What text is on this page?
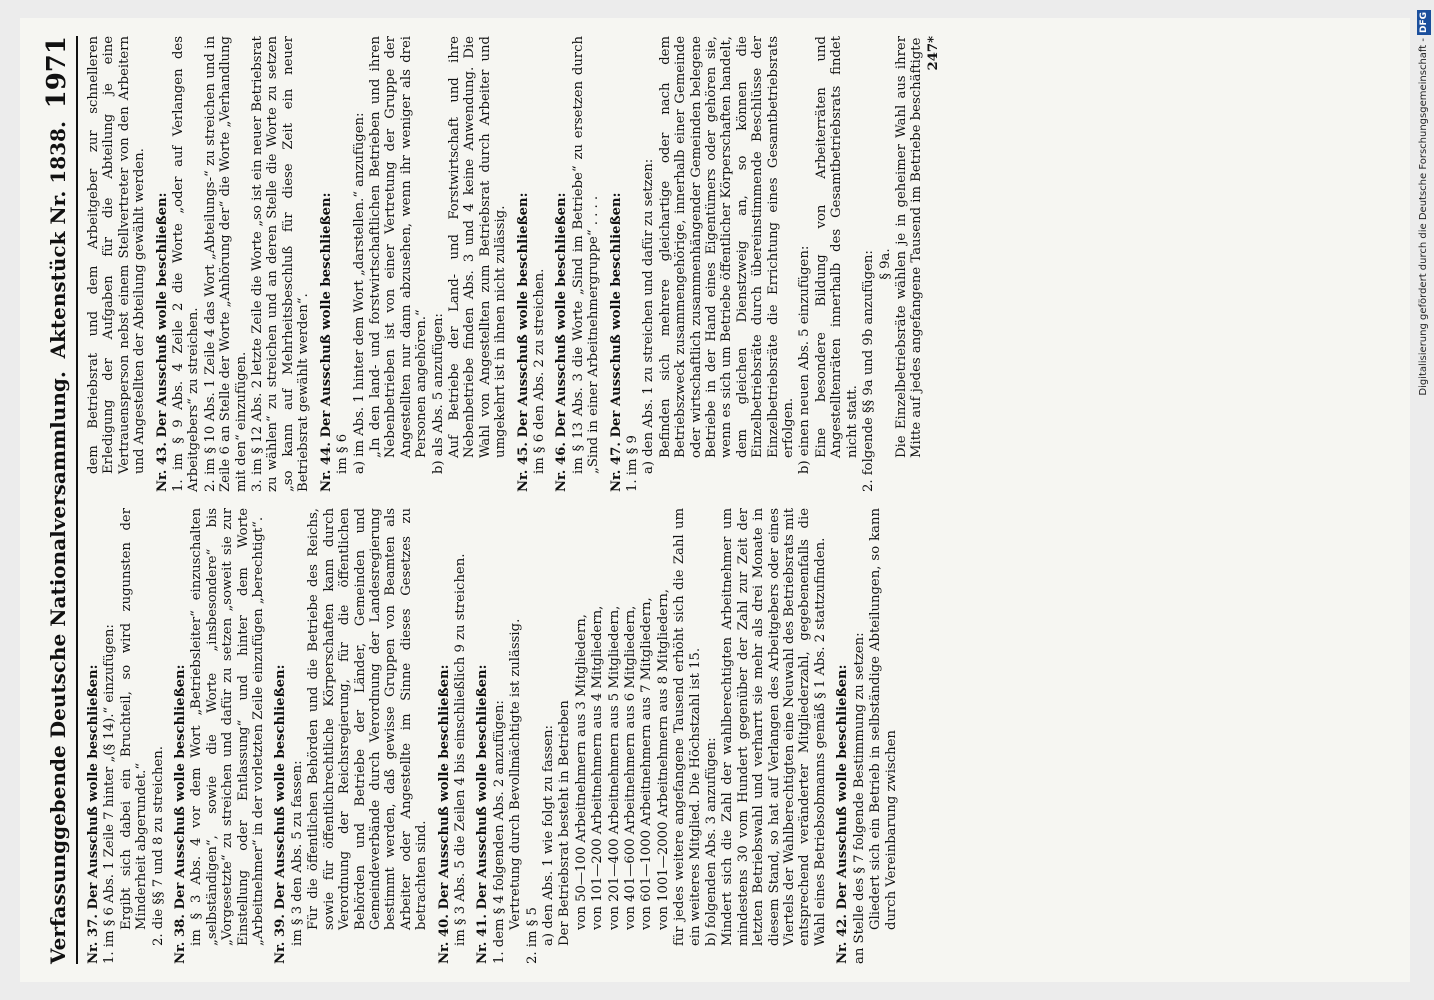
Verfassunggebende Deutsche Nationalversammlung.
Aktenstück Nr. 1838.
1971

Nr. 37. Der Ausschuß wolle beschließen: 1. im § 6 Abs. 1 Zeile 7 hinter „(§ 14).“ einzufügen: Ergibt sich dabei ein Bruchteil, so wird zugunsten der Minderheit abgerundet.“ 2. die §§ 7 und 8 zu streichen. Nr. 38. Der Ausschuß wolle beschließen: im § 3 Abs. 4 vor dem Wort „Betriebsleiter“ einzuschalten „selbständigen“, sowie die Worte „insbesondere“ bis „Vorgesetzte“ zu streichen und dafür zu setzen „soweit sie zur Einstellung oder Entlassung“ und hinter dem Worte „Arbeitnehmer“ in der vorletzten Zeile einzufügen „berechtigt“. Nr. 39. Der Ausschuß wolle beschließen: im § 3 den Abs. 5 zu fassen: Für die öffentlichen Behörden und die Betriebe des Reichs, sowie für öffentlichrechtliche Körperschaften kann durch Verordnung der Reichsregierung, für die öffentlichen Behörden und Betriebe der Länder, Gemeinden und Gemeindeverbände durch Verordnung der Landesregierung bestimmt werden, daß gewisse Gruppen von Beamten als Arbeiter oder Angestellte im Sinne dieses Gesetzes zu betrachten sind. Nr. 40. Der Ausschuß wolle beschließen: im § 3 Abs. 5 die Zeilen 4 bis einschließlich 9 zu streichen. Nr. 41. Der Ausschuß wolle beschließen: 1. dem § 4 folgenden Abs. 2 anzufügen: Vertretung durch Bevollmächtigte ist zulässig.

2. im § 5 a) den Abs. 1 wie folgt zu fassen: Der Betriebsrat besteht in Betrieben von 50—100 Arbeitnehmern aus 3 Mitgliedern, von 101—200 Arbeitnehmern aus 4 Mitgliedern, von 201—400 Arbeitnehmern aus 5 Mitgliedern, von 401—600 Arbeitnehmern aus 6 Mitgliedern, von 601—1000 Arbeitnehmern aus 7 Mitgliedern, von 1001—2000 Arbeitnehmern aus 8 Mitgliedern, für jedes weitere angefangene Tausend erhöht sich die Zahl um ein weiteres Mitglied. Die Höchstzahl ist 15. b) folgenden Abs. 3 anzufügen: Mindert sich die Zahl der wahlberechtigten Arbeitnehmer um mindestens 30 vom Hundert gegenüber der Zahl zur Zeit der letzten Betriebswahl und verharrt sie mehr als drei Monate in diesem Stand, so hat auf Verlangen des Arbeitgebers oder eines Viertels der Wahlberechtigten eine Neuwahl des Betriebsrats mit entsprechend veränderter Mitgliederzahl, gegebenenfalls die Wahl eines Betriebsobmanns gemäß § 1 Abs. 2 stattzufinden. Nr. 42. Der Ausschuß wolle beschließen: an Stelle des § 7 folgende Bestimmung zu setzen: Gliedert sich ein Betrieb in selbständige Abteilungen, so kann durch Vereinbarung zwischen

dem Betriebsrat und dem Arbeitgeber zur schnelleren Erledigung der Aufgaben für die Abteilung je eine Vertrauensperson nebst einem Stellvertreter von den Arbeitern und Angestellten der Abteilung gewählt werden. Nr. 43. Der Ausschuß wolle beschließen: 1. im § 9 Abs. 4 Zeile 2 die Worte „oder auf Verlangen des Arbeitgebers“ zu streichen. 2. im § 10 Abs. 1 Zeile 4 das Wort „Abteilungs-“ zu streichen und in Zeile 6 an Stelle der Worte „Anhörung der“ die Worte „Verhandlung mit den“ einzufügen. 3. im § 12 Abs. 2 letzte Zeile die Worte „so ist ein neuer Betriebsrat zu wählen“ zu streichen und an deren Stelle die Worte zu setzen „so kann auf Mehrheitsbeschluß für diese Zeit ein neuer Betriebsrat gewählt werden“. Nr. 44. Der Ausschuß wolle beschließen: im § 6 a) im Abs. 1 hinter dem Wort „darstellen.“ anzufügen: „In den land- und forstwirtschaftlichen Betrieben und ihren Nebenbetrieben ist von einer Vertretung der Gruppe der Angestellten nur dann abzusehen, wenn ihr weniger als drei Personen angehören.“ b) als Abs. 5 anzufügen: Auf Betriebe der Land- und Forstwirtschaft und ihre Nebenbetriebe finden Abs. 3 und 4 keine Anwendung. Die Wahl von Angestellten zum Betriebsrat durch Arbeiter und umgekehrt ist in ihnen nicht zulässig. Nr. 45. Der Ausschuß wolle beschließen: im § 6 den Abs. 2 zu streichen. Nr. 46. Der Ausschuß wolle beschließen: im § 13 Abs. 3 die Worte „Sind im Betriebe“ zu ersetzen durch „Sind in einer Arbeitnehmergruppe“ . . . . Nr. 47. Der Ausschuß wolle beschließen: 1. im § 9 a) den Abs. 1 zu streichen und dafür zu setzen: Befinden sich mehrere gleichartige oder nach dem Betriebszweck zusammengehörige, innerhalb einer Gemeinde oder wirtschaftlich zusammenhängender Gemeinden belegene Betriebe in der Hand eines Eigentümers oder gehören sie, wenn es sich um Betriebe öffentlicher Körperschaften handelt, dem gleichen Dienstzweig an, so können die Einzelbetriebsräte durch übereinstimmende Beschlüsse der Einzelbetriebsräte die Errichtung eines Gesamtbetriebsrats erfolgen. b) einen neuen Abs. 5 einzufügen: Eine besondere Bildung von Arbeiterräten und Angestelltenräten innerhalb des Gesamtbetriebsrats findet nicht statt. 2. folgende §§ 9a und 9b anzufügen: § 9a. Die Einzelbetriebsräte wählen je in geheimer Wahl aus ihrer Mitte auf jedes angefangene Tausend im Betriebe beschäftigte 247*	Digitalisierung gefördert durch die Deutsche Forschungsgemeinschaft -DFG
